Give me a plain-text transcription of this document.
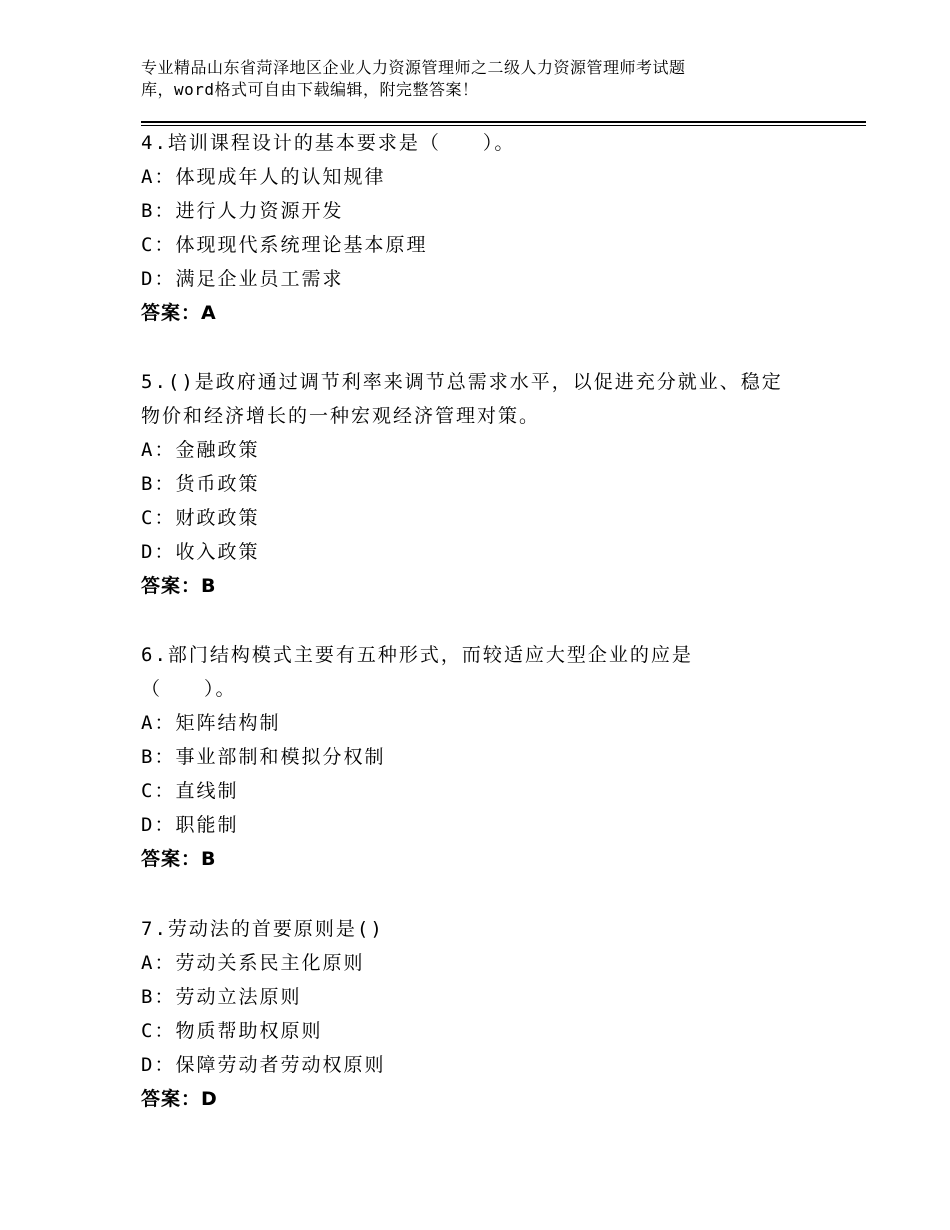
专业精品山东省菏泽地区企业人力资源管理师之二级人力资源管理师考试题
库，word格式可自由下载编辑，附完整答案！
4.培训课程设计的基本要求是（　　）。
A：体现成年人的认知规律
B：进行人力资源开发
C：体现现代系统理论基本原理
D：满足企业员工需求
答案：A
5.()是政府通过调节利率来调节总需求水平，以促进充分就业、稳定
物价和经济增长的一种宏观经济管理对策。
A：金融政策
B：货币政策
C：财政政策
D：收入政策
答案：B
6.部门结构模式主要有五种形式，而较适应大型企业的应是
（　　）。
A：矩阵结构制
B：事业部制和模拟分权制
C：直线制
D：职能制
答案：B
7.劳动法的首要原则是()
A：劳动关系民主化原则
B：劳动立法原则
C：物质帮助权原则
D：保障劳动者劳动权原则
答案：D
